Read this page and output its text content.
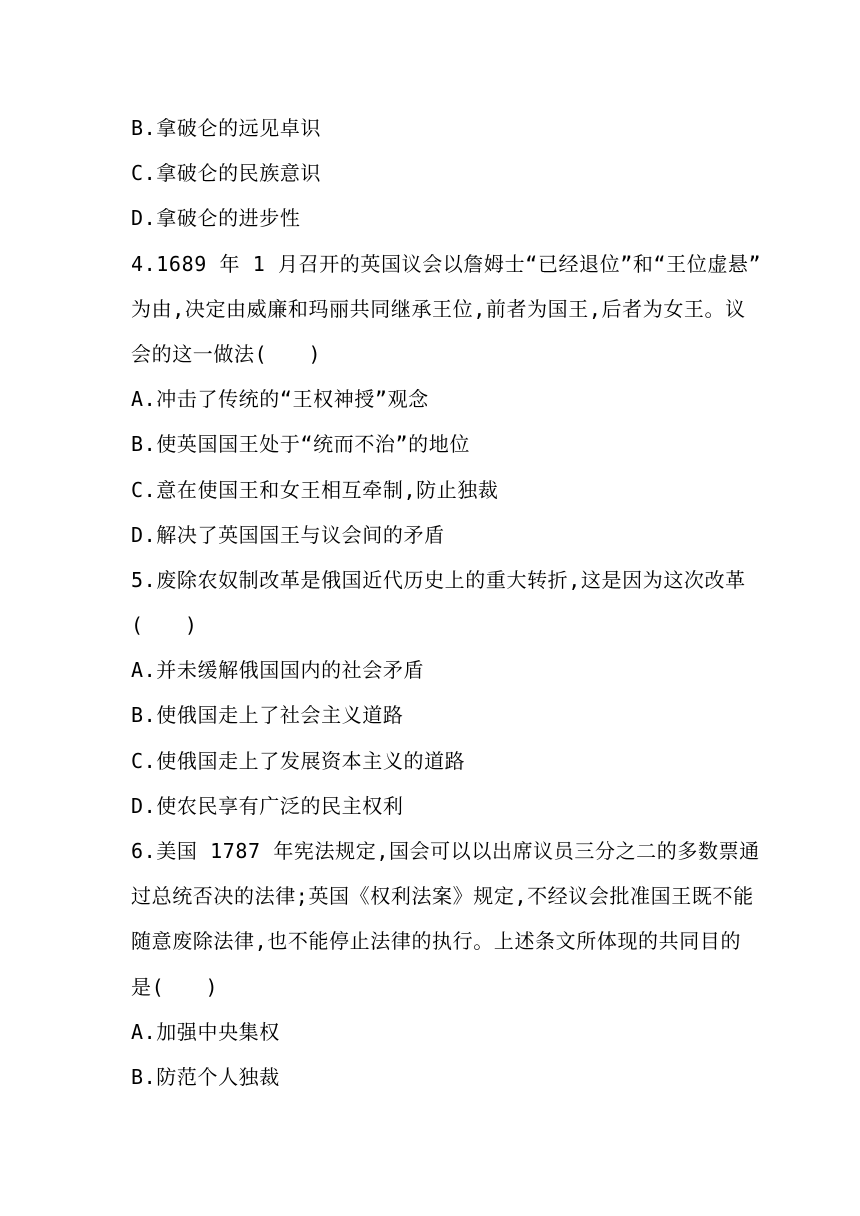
B.拿破仑的远见卓识
C.拿破仑的民族意识
D.拿破仑的进步性
4.1689 年 1 月召开的英国议会以詹姆士“已经退位”和“王位虚悬”
为由,决定由威廉和玛丽共同继承王位,前者为国王,后者为女王。议
会的这一做法(　　)
A.冲击了传统的“王权神授”观念
B.使英国国王处于“统而不治”的地位
C.意在使国王和女王相互牵制,防止独裁
D.解决了英国国王与议会间的矛盾
5.废除农奴制改革是俄国近代历史上的重大转折,这是因为这次改革
(　　)
A.并未缓解俄国国内的社会矛盾
B.使俄国走上了社会主义道路
C.使俄国走上了发展资本主义的道路
D.使农民享有广泛的民主权利
6.美国 1787 年宪法规定,国会可以以出席议员三分之二的多数票通
过总统否决的法律;英国《权利法案》规定,不经议会批准国王既不能
随意废除法律,也不能停止法律的执行。上述条文所体现的共同目的
是(　　)
A.加强中央集权
B.防范个人独裁
